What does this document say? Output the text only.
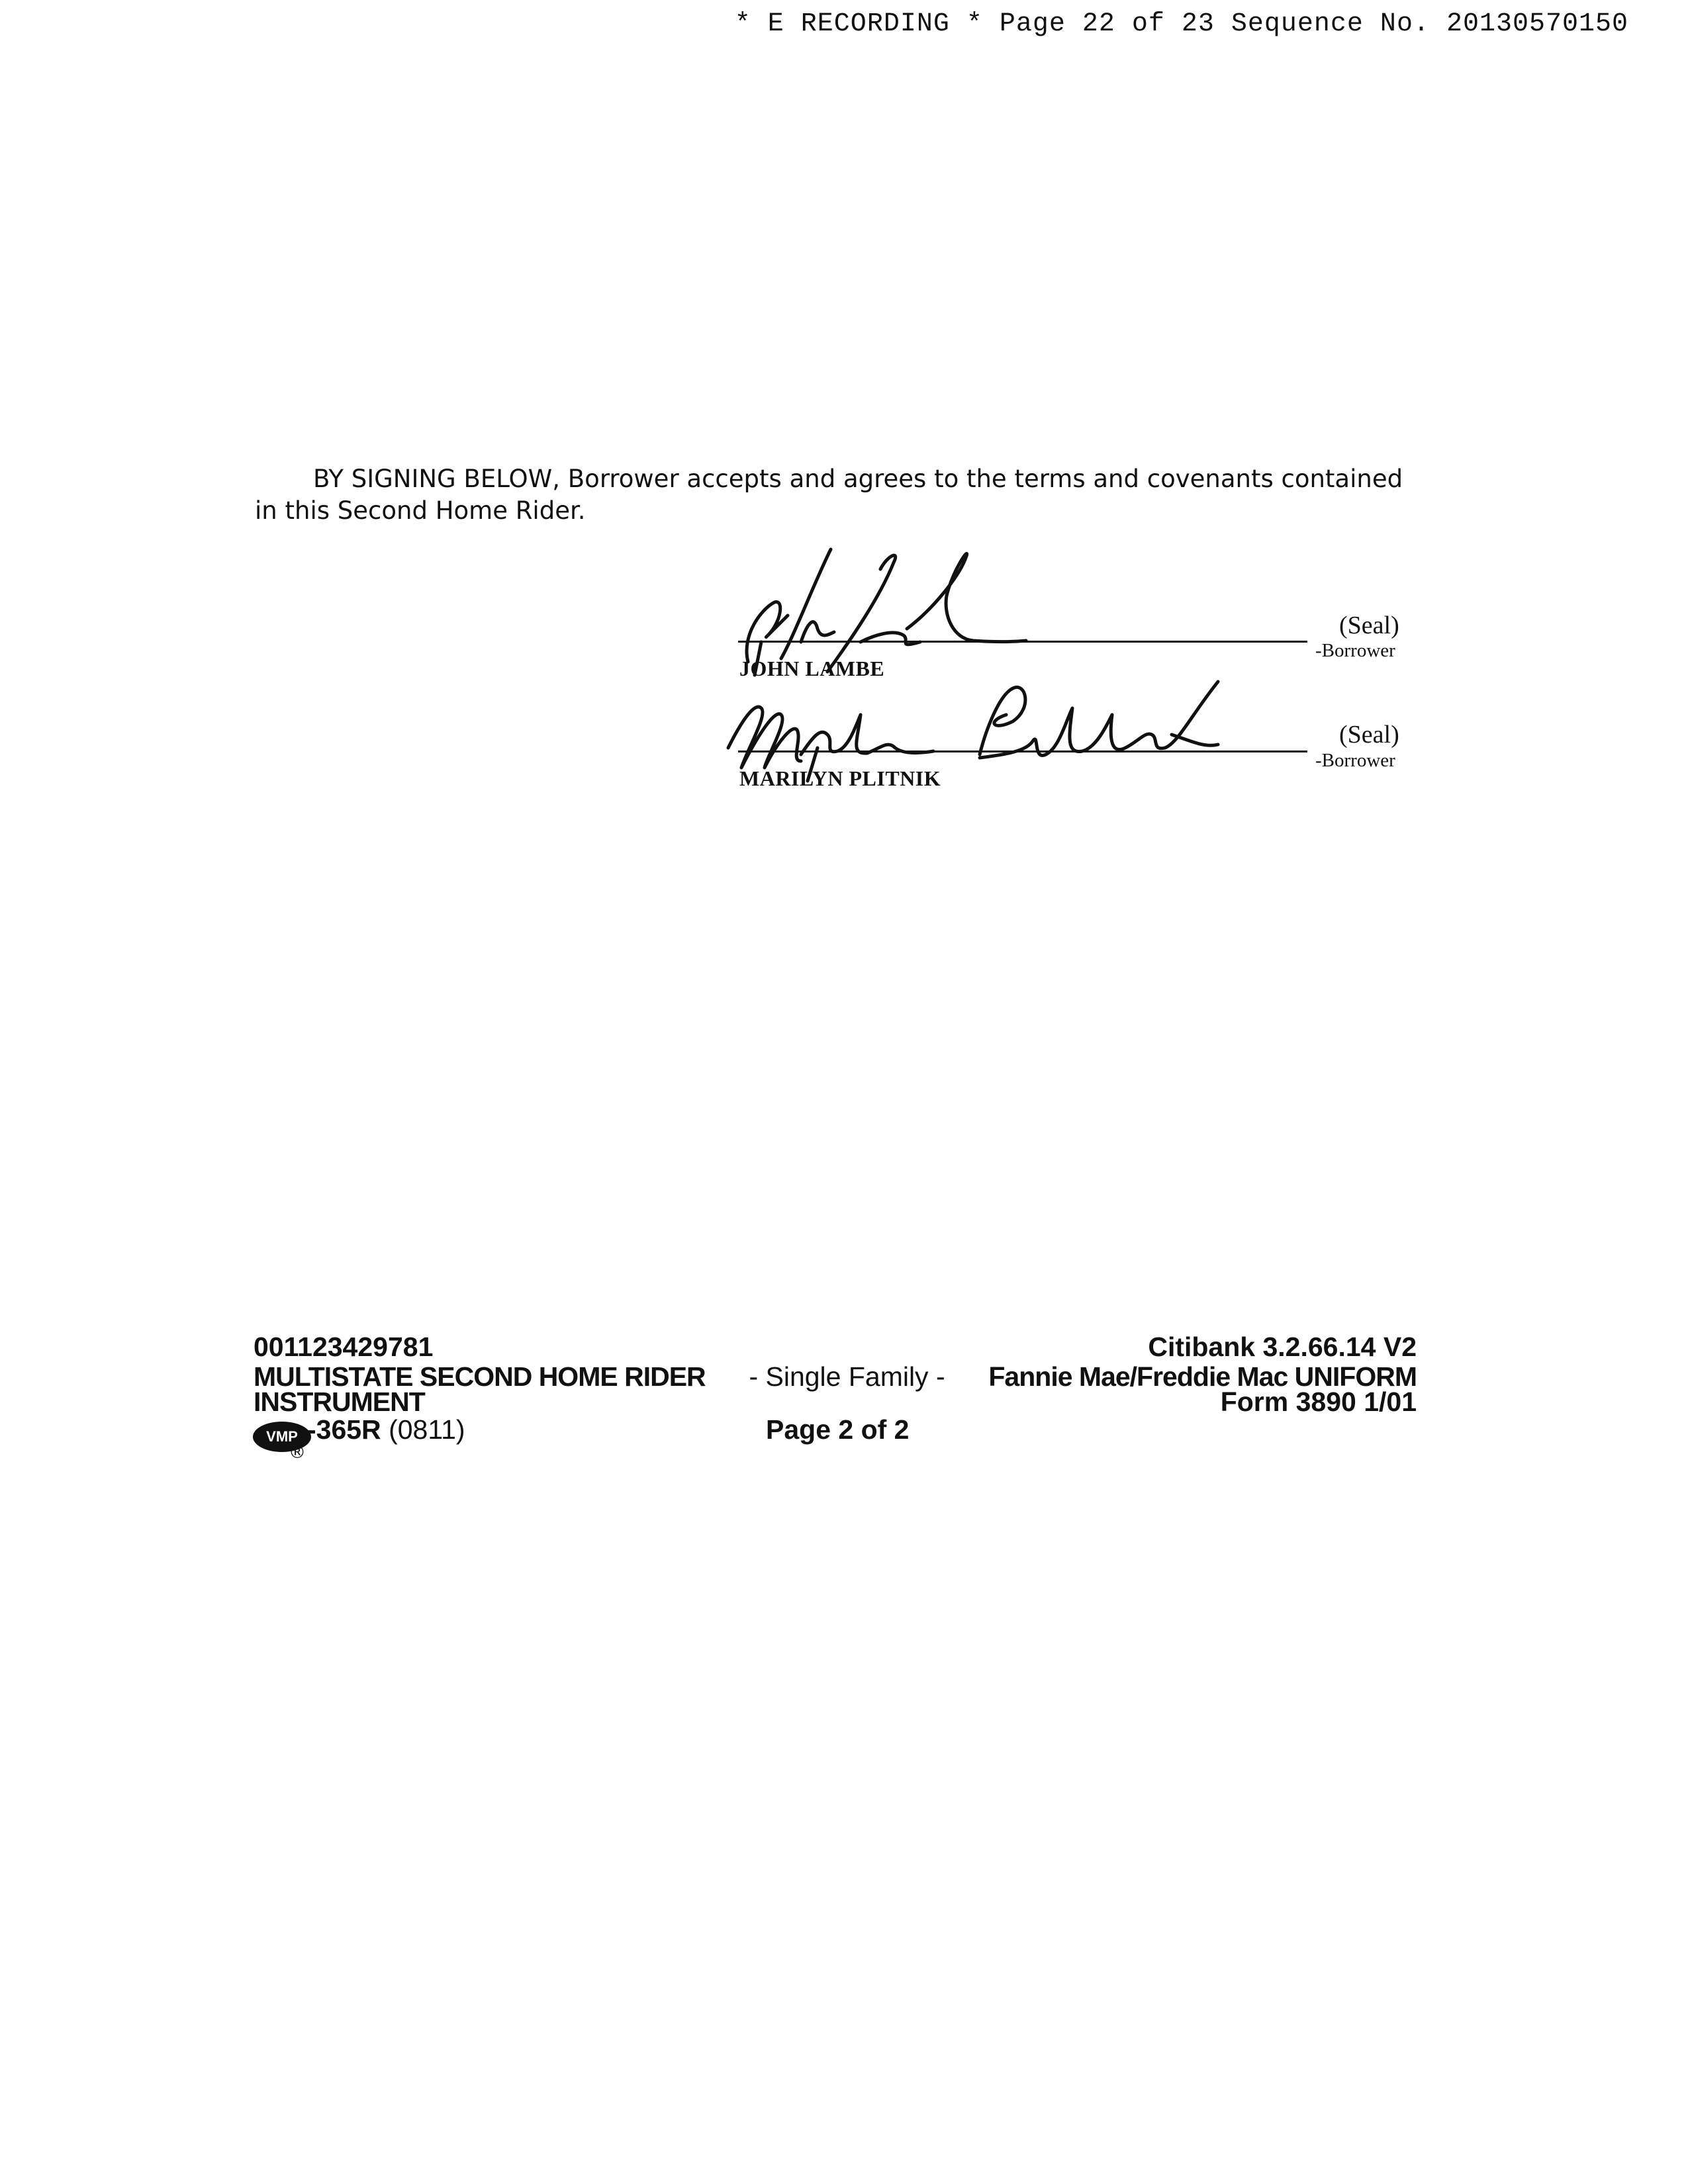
* E RECORDING * Page 22 of 23 Sequence No. 20130570150
BY SIGNING BELOW, Borrower accepts and agrees to the terms and covenants contained in this Second Home Rider.
(Seal)
-Borrower
JOHN LAMBE
(Seal)
-Borrower
MARILYN PLITNIK
001123429781	Citibank 3.2.66.14 V2
MULTISTATE SECOND HOME RIDER - Single Family - Fannie Mae/Freddie Mac UNIFORM
INSTRUMENT	Form 3890 1/01
VMP
®
-365R (0811)	Page 2 of 2
